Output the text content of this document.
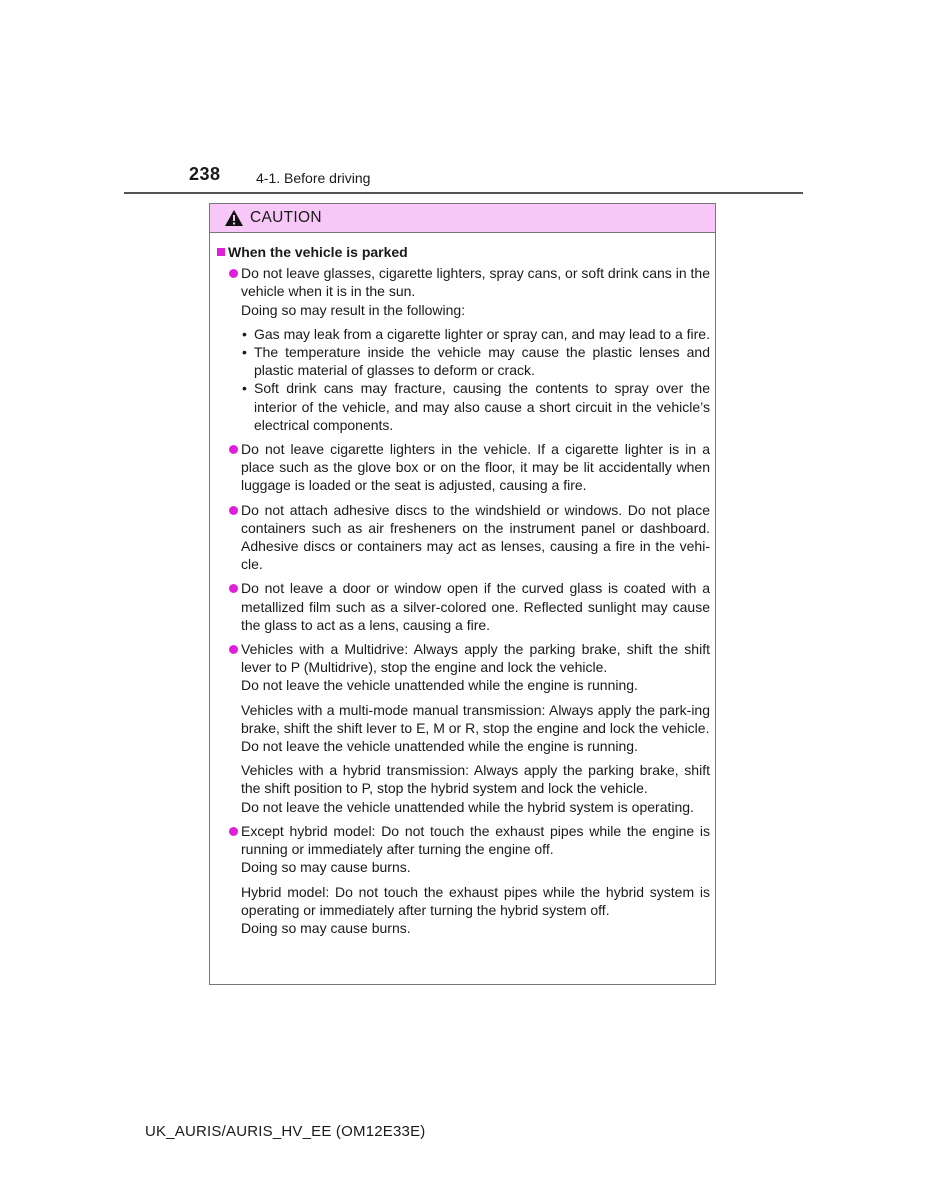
238	4-1. Before driving
CAUTION
When the vehicle is parked
Do not leave glasses, cigarette lighters, spray cans, or soft drink cans in the vehicle when it is in the sun.
Doing so may result in the following:
• Gas may leak from a cigarette lighter or spray can, and may lead to a fire.
• The temperature inside the vehicle may cause the plastic lenses and plastic material of glasses to deform or crack.
• Soft drink cans may fracture, causing the contents to spray over the interior of the vehicle, and may also cause a short circuit in the vehicle’s electrical components.
Do not leave cigarette lighters in the vehicle. If a cigarette lighter is in a place such as the glove box or on the floor, it may be lit accidentally when luggage is loaded or the seat is adjusted, causing a fire.
Do not attach adhesive discs to the windshield or windows. Do not place containers such as air fresheners on the instrument panel or dashboard. Adhesive discs or containers may act as lenses, causing a fire in the vehi-cle.
Do not leave a door or window open if the curved glass is coated with a metallized film such as a silver-colored one. Reflected sunlight may cause the glass to act as a lens, causing a fire.
Vehicles with a Multidrive: Always apply the parking brake, shift the shift lever to P (Multidrive), stop the engine and lock the vehicle.
Do not leave the vehicle unattended while the engine is running.
Vehicles with a multi-mode manual transmission: Always apply the park-ing brake, shift the shift lever to E, M or R, stop the engine and lock the vehicle.
Do not leave the vehicle unattended while the engine is running.
Vehicles with a hybrid transmission: Always apply the parking brake, shift the shift position to P, stop the hybrid system and lock the vehicle.
Do not leave the vehicle unattended while the hybrid system is operating.
Except hybrid model: Do not touch the exhaust pipes while the engine is running or immediately after turning the engine off.
Doing so may cause burns.
Hybrid model: Do not touch the exhaust pipes while the hybrid system is operating or immediately after turning the hybrid system off.
Doing so may cause burns.
UK_AURIS/AURIS_HV_EE (OM12E33E)
